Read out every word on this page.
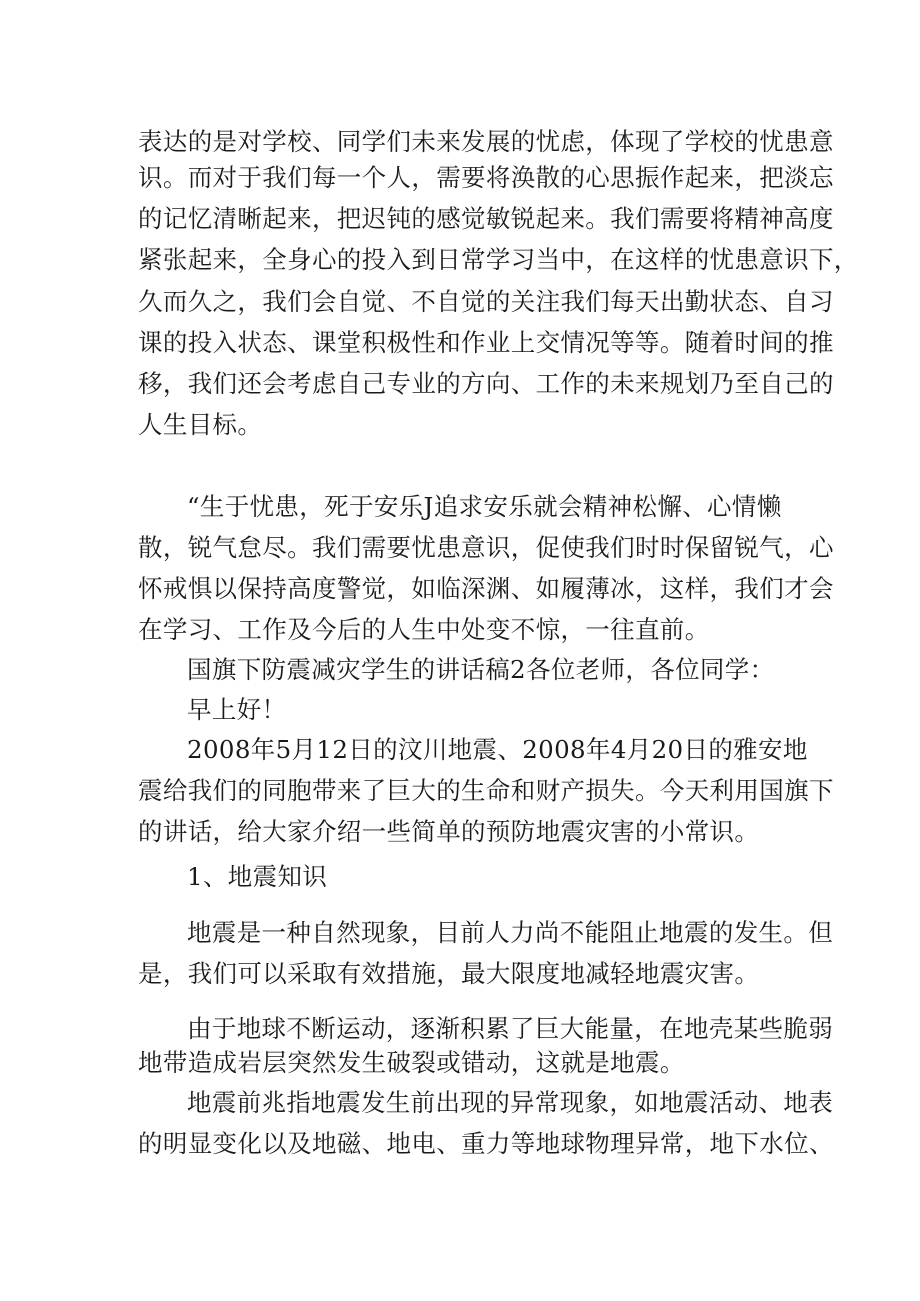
表达的是对学校、同学们未来发展的忧虑，体现了学校的忧患意
识。而对于我们每一个人，需要将涣散的心思振作起来，把淡忘
的记忆清晰起来，把迟钝的感觉敏锐起来。我们需要将精神高度
紧张起来，全身心的投入到日常学习当中，在这样的忧患意识下，
久而久之，我们会自觉、不自觉的关注我们每天出勤状态、自习
课的投入状态、课堂积极性和作业上交情况等等。随着时间的推
移，我们还会考虑自己专业的方向、工作的未来规划乃至自己的
人生目标。
“生于忧患，死于安乐J追求安乐就会精神松懈、心情懒
散，锐气怠尽。我们需要忧患意识，促使我们时时保留锐气，心
怀戒惧以保持高度警觉，如临深渊、如履薄冰，这样，我们才会
在学习、工作及今后的人生中处变不惊，一往直前。
国旗下防震减灾学生的讲话稿2各位老师，各位同学：
早上好！
2008年5月12日的汶川地震、2008年4月20日的雅安地
震给我们的同胞带来了巨大的生命和财产损失。今天利用国旗下
的讲话，给大家介绍一些简单的预防地震灾害的小常识。
1、地震知识
地震是一种自然现象，目前人力尚不能阻止地震的发生。但
是，我们可以采取有效措施，最大限度地减轻地震灾害。
由于地球不断运动，逐渐积累了巨大能量，在地壳某些脆弱
地带造成岩层突然发生破裂或错动，这就是地震。
地震前兆指地震发生前出现的异常现象，如地震活动、地表
的明显变化以及地磁、地电、重力等地球物理异常，地下水位、
